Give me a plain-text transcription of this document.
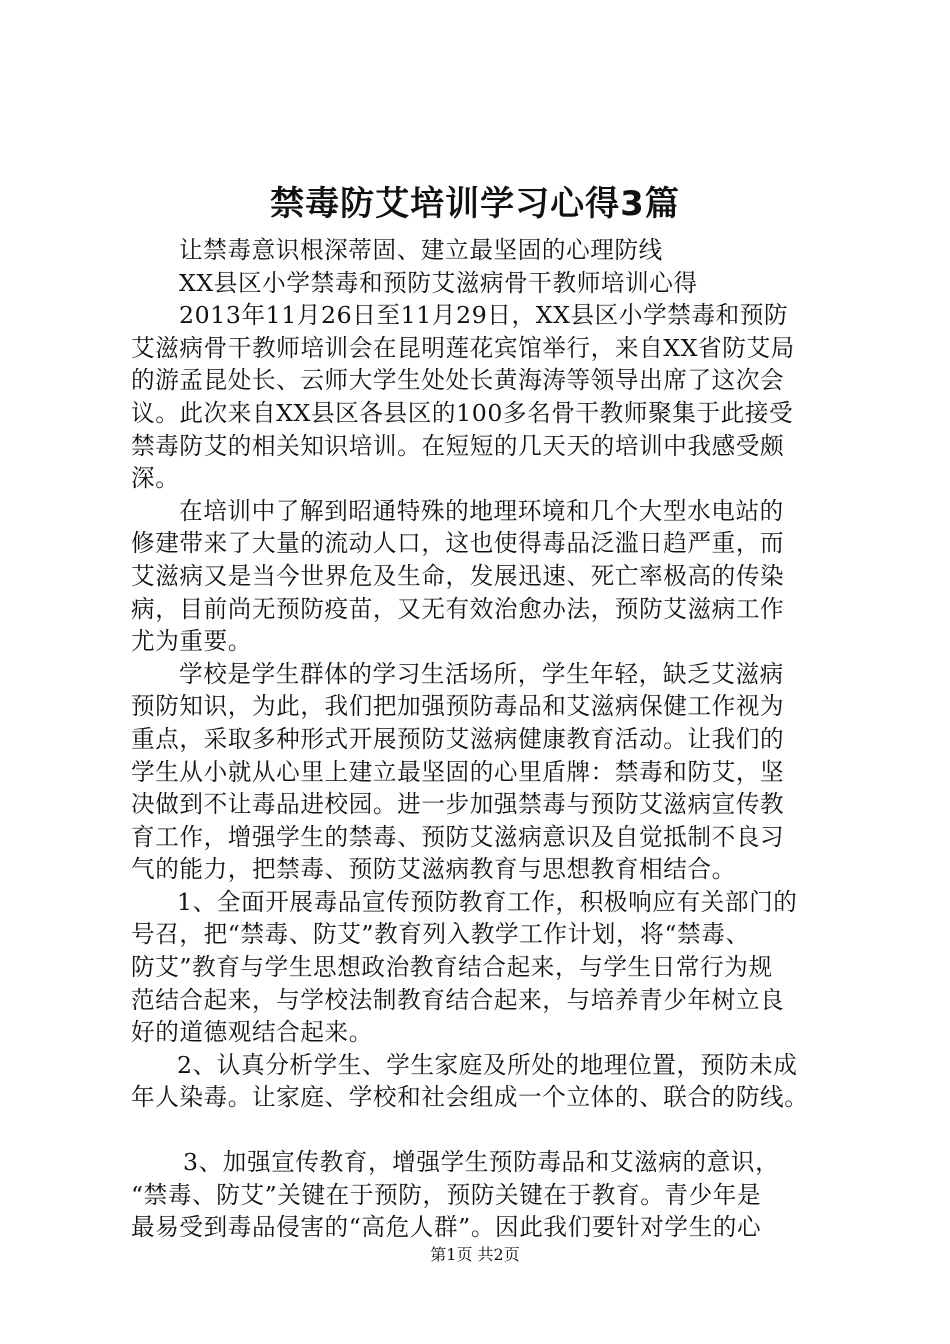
禁毒防艾培训学习心得3篇
让禁毒意识根深蒂固、建立最坚固的心理防线
XX县区小学禁毒和预防艾滋病骨干教师培训心得
2013年11月26日至11月29日，XX县区小学禁毒和预防
艾滋病骨干教师培训会在昆明莲花宾馆举行，来自XX省防艾局
的游孟昆处长、云师大学生处处长黄海涛等领导出席了这次会
议。此次来自XX县区各县区的100多名骨干教师聚集于此接受
禁毒防艾的相关知识培训。在短短的几天天的培训中我感受颇
深。
在培训中了解到昭通特殊的地理环境和几个大型水电站的
修建带来了大量的流动人口，这也使得毒品泛滥日趋严重，而
艾滋病又是当今世界危及生命，发展迅速、死亡率极高的传染
病，目前尚无预防疫苗，又无有效治愈办法，预防艾滋病工作
尤为重要。
学校是学生群体的学习生活场所，学生年轻，缺乏艾滋病
预防知识，为此，我们把加强预防毒品和艾滋病保健工作视为
重点，采取多种形式开展预防艾滋病健康教育活动。让我们的
学生从小就从心里上建立最坚固的心里盾牌：禁毒和防艾，坚
决做到不让毒品进校园。进一步加强禁毒与预防艾滋病宣传教
育工作，增强学生的禁毒、预防艾滋病意识及自觉抵制不良习
气的能力，把禁毒、预防艾滋病教育与思想教育相结合。
1、全面开展毒品宣传预防教育工作，积极响应有关部门的
号召，把“禁毒、防艾”教育列入教学工作计划，将“禁毒、
防艾”教育与学生思想政治教育结合起来，与学生日常行为规
范结合起来，与学校法制教育结合起来，与培养青少年树立良
好的道德观结合起来。
2、认真分析学生、学生家庭及所处的地理位置，预防未成
年人染毒。让家庭、学校和社会组成一个立体的、联合的防线。
3、加强宣传教育，增强学生预防毒品和艾滋病的意识，
“禁毒、防艾”关键在于预防，预防关键在于教育。青少年是
最易受到毒品侵害的“高危人群”。因此我们要针对学生的心
第1页 共2页
